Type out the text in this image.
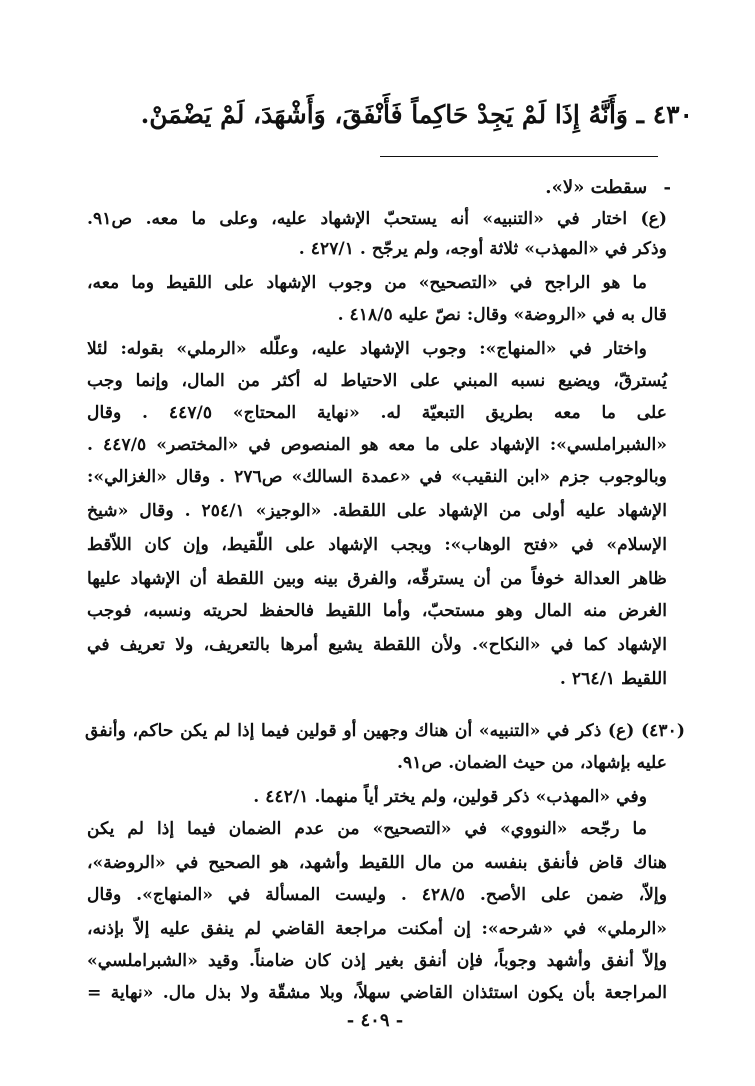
٤٣٠ ـ وَأَنَّهُ إِذَا لَمْ يَجِدْ حَاكِماً فَأَنْفَقَ، وَأَشْهَدَ، لَمْ يَضْمَنْ.
- سقطت «لا».
(ع) اختار في «التنبيه» أنه يستحبّ الإشهاد عليه، وعلى ما معه. ص٩١.
وذكر في «المهذب» ثلاثة أوجه، ولم يرجّح . ٤٢٧/١ .
ما هو الراجح في «التصحيح» من وجوب الإشهاد على اللقيط وما معه،
قال به في «الروضة» وقال: نصّ عليه ٤١٨/٥ .
واختار في «المنهاج»: وجوب الإشهاد عليه، وعلّله «الرملي» بقوله: لئلا
يُسترقّ، ويضيع نسبه المبني على الاحتياط له أكثر من المال، وإنما وجب
على ما معه بطريق التبعيّة له. «نهاية المحتاج» ٤٤٧/٥ . وقال
«الشبراملسي»: الإشهاد على ما معه هو المنصوص في «المختصر» ٤٤٧/٥ .
وبالوجوب جزم «ابن النقيب» في «عمدة السالك» ص٢٧٦ . وقال «الغزالي»:
الإشهاد عليه أولى من الإشهاد على اللقطة. «الوجيز» ٢٥٤/١ . وقال «شيخ
الإسلام» في «فتح الوهاب»: ويجب الإشهاد على اللّقيط، وإن كان اللاّقط
ظاهر العدالة خوفاً من أن يسترقّه، والفرق بينه وبين اللقطة أن الإشهاد عليها
الغرض منه المال وهو مستحبّ، وأما اللقيط فالحفظ لحريته ونسبه، فوجب
الإشهاد كما في «النكاح». ولأن اللقطة يشيع أمرها بالتعريف، ولا تعريف في
اللقيط ٢٦٤/١ .
(٤٣٠) (ع) ذكر في «التنبيه» أن هناك وجهين أو قولين فيما إذا لم يكن حاكم، وأنفق
عليه بإشهاد، من حيث الضمان. ص٩١.
وفي «المهذب» ذكر قولين، ولم يختر أياً منهما. ٤٤٢/١ .
ما رجّحه «النووي» في «التصحيح» من عدم الضمان فيما إذا لم يكن
هناك قاض فأنفق بنفسه من مال اللقيط وأشهد، هو الصحيح في «الروضة»،
وإلاّ، ضمن على الأصح. ٤٢٨/٥ . وليست المسألة في «المنهاج». وقال
«الرملي» في «شرحه»: إن أمكنت مراجعة القاضي لم ينفق عليه إلاّ بإذنه،
وإلاّ أنفق وأشهد وجوباً، فإن أنفق بغير إذن كان ضامناً. وقيد «الشبراملسي»
المراجعة بأن يكون استئذان القاضي سهلاً، وبلا مشقّة ولا بذل مال. «نهاية =
- ٤٠٩ -
